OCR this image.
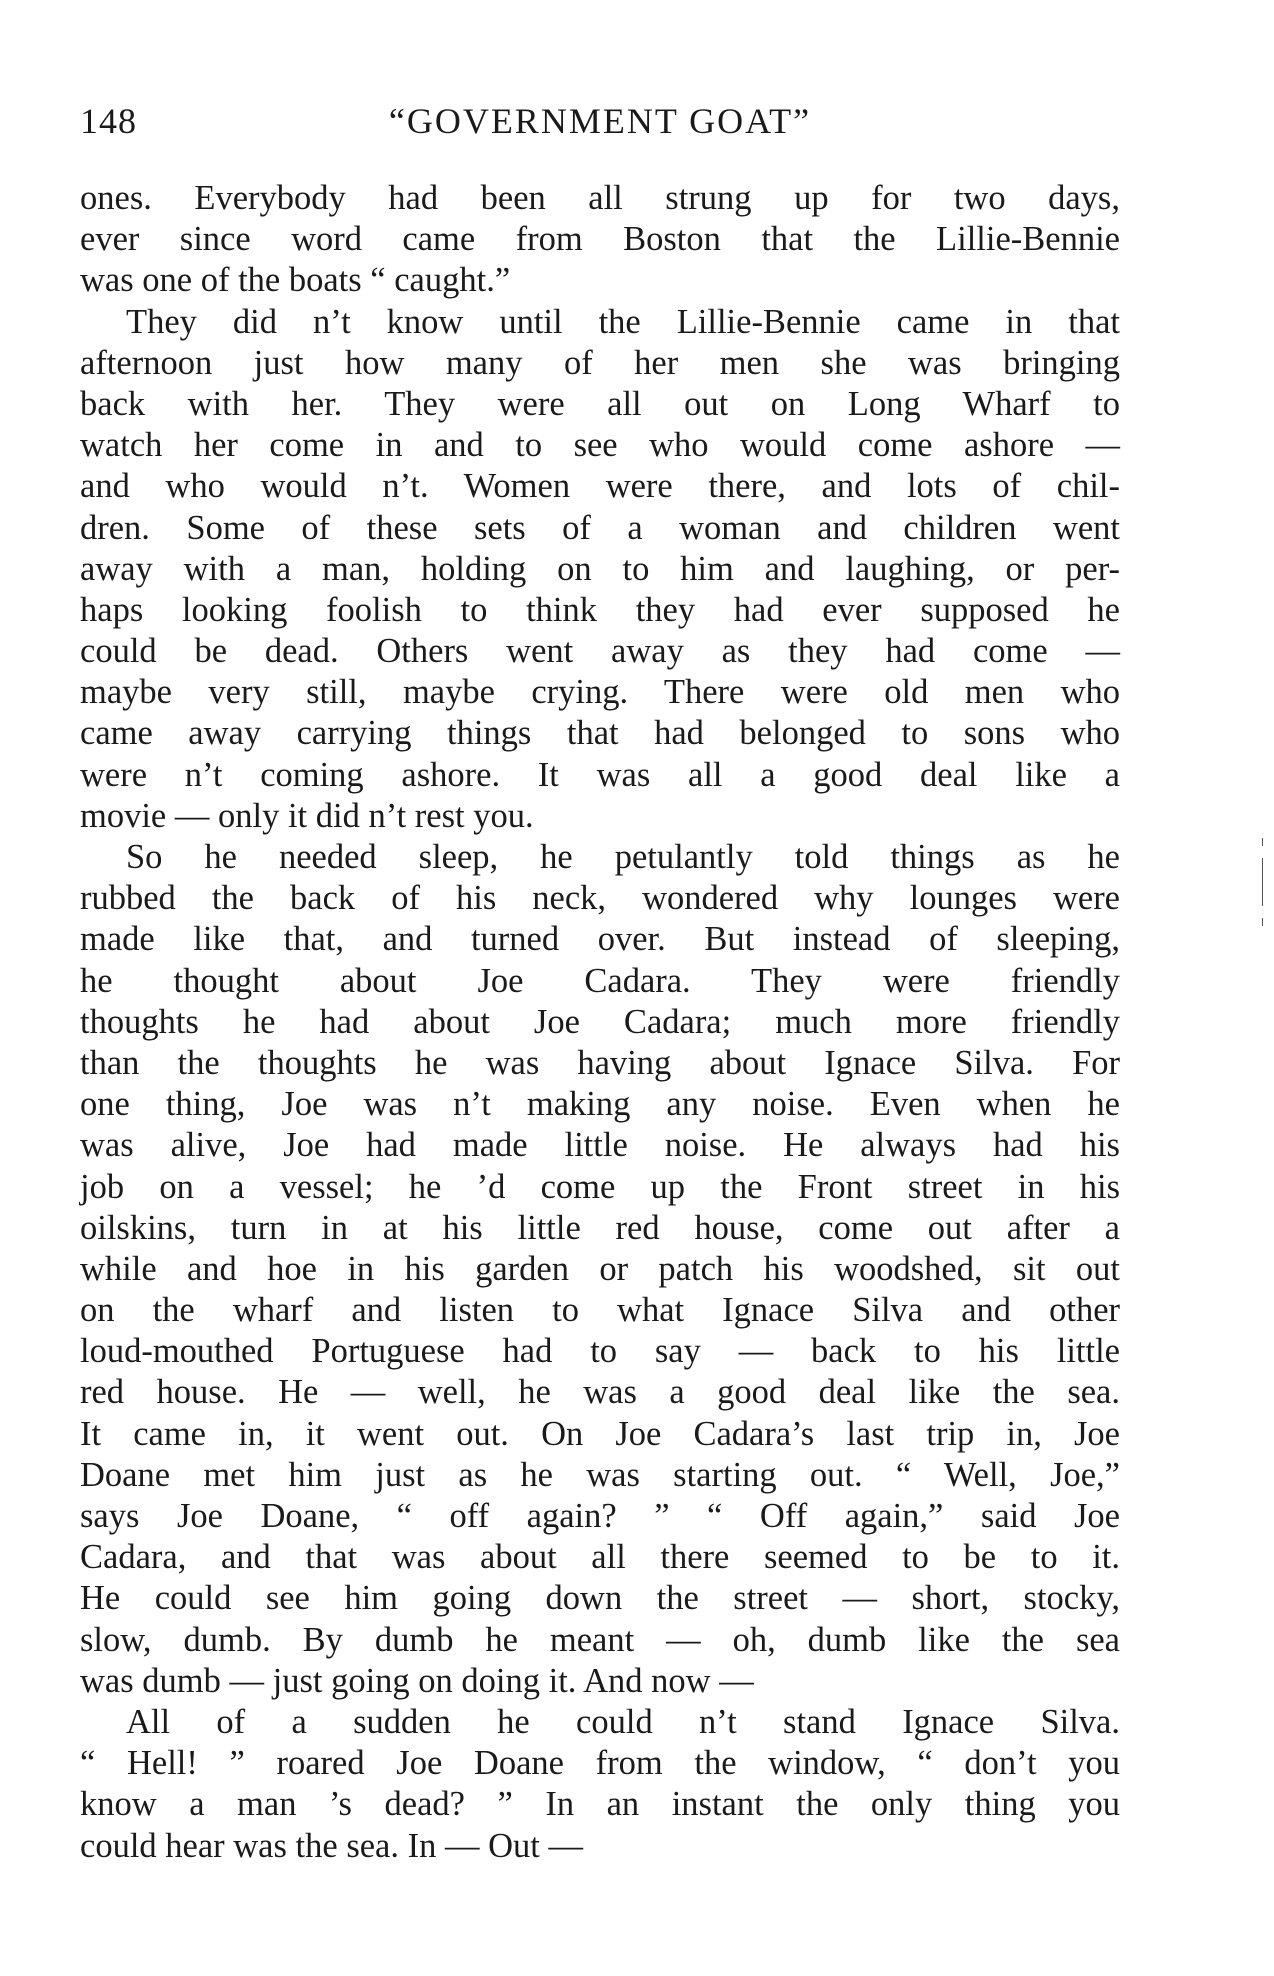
148	“GOVERNMENT GOAT”
ones. Everybody had been all strung up for two days,
ever since word came from Boston that the Lillie-Bennie
was one of the boats “ caught.”
They did n’t know until the Lillie-Bennie came in that
afternoon just how many of her men she was bringing
back with her. They were all out on Long Wharf to
watch her come in and to see who would come ashore —
and who would n’t. Women were there, and lots of chil-
dren. Some of these sets of a woman and children went
away with a man, holding on to him and laughing, or per-
haps looking foolish to think they had ever supposed he
could be dead. Others went away as they had come —
maybe very still, maybe crying. There were old men who
came away carrying things that had belonged to sons who
were n’t coming ashore. It was all a good deal like a
movie — only it did n’t rest you.
So he needed sleep, he petulantly told things as he
rubbed the back of his neck, wondered why lounges were
made like that, and turned over. But instead of sleeping,
he thought about Joe Cadara. They were friendly
thoughts he had about Joe Cadara; much more friendly
than the thoughts he was having about Ignace Silva. For
one thing, Joe was n’t making any noise. Even when he
was alive, Joe had made little noise. He always had his
job on a vessel; he ’d come up the Front street in his
oilskins, turn in at his little red house, come out after a
while and hoe in his garden or patch his woodshed, sit out
on the wharf and listen to what Ignace Silva and other
loud-mouthed Portuguese had to say — back to his little
red house. He — well, he was a good deal like the sea.
It came in, it went out. On Joe Cadara’s last trip in, Joe
Doane met him just as he was starting out. “ Well, Joe,”
says Joe Doane, “ off again? ” “ Off again,” said Joe
Cadara, and that was about all there seemed to be to it.
He could see him going down the street — short, stocky,
slow, dumb. By dumb he meant — oh, dumb like the sea
was dumb — just going on doing it. And now —
All of a sudden he could n’t stand Ignace Silva.
“ Hell! ” roared Joe Doane from the window, “ don’t you
know a man ’s dead? ” In an instant the only thing you
could hear was the sea. In — Out —
